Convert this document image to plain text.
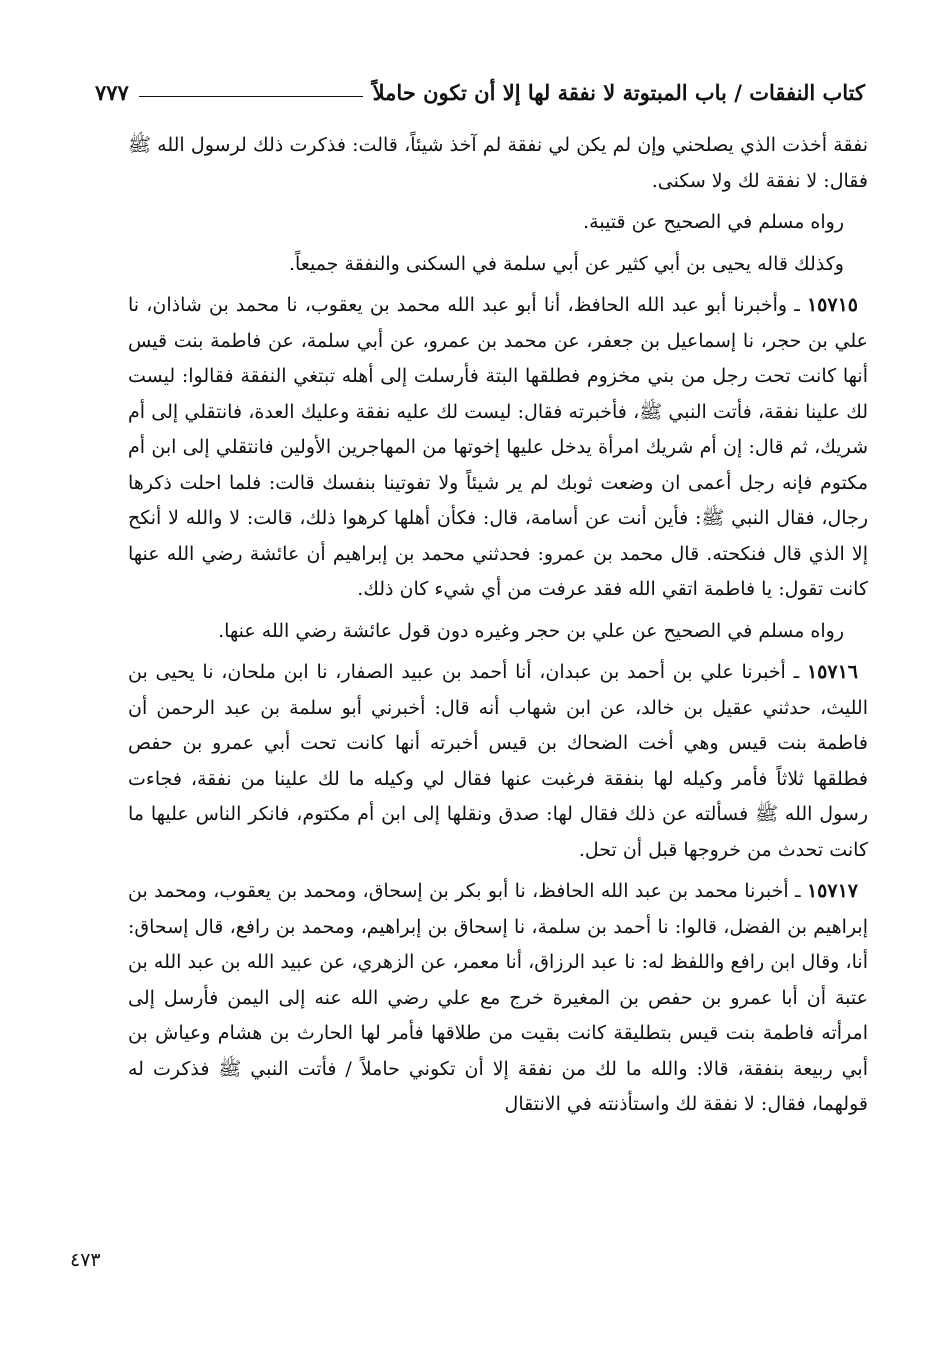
كتاب النفقات / باب المبتوتة لا نفقة لها إلا أن تكون حاملاً
٧٧٧

نفقة أخذت الذي يصلحني وإن لم يكن لي نفقة لم آخذ شيئاً، قالت: فذكرت ذلك لرسول الله ﷺ فقال: لا نفقة لك ولا سكنى.

رواه مسلم في الصحيح عن قتيبة.

وكذلك قاله يحيى بن أبي كثير عن أبي سلمة في السكنى والنفقة جميعاً.

١٥٧١٥ ـ وأخبرنا أبو عبد الله الحافظ، أنا أبو عبد الله محمد بن يعقوب، نا محمد بن شاذان، نا علي بن حجر، نا إسماعيل بن جعفر، عن محمد بن عمرو، عن أبي سلمة، عن فاطمة بنت قيس أنها كانت تحت رجل من بني مخزوم فطلقها البتة فأرسلت إلى أهله تبتغي النفقة فقالوا: ليست لك علينا نفقة، فأتت النبي ﷺ، فأخبرته فقال: ليست لك عليه نفقة وعليك العدة، فانتقلي إلى أم شريك، ثم قال: إن أم شريك امرأة يدخل عليها إخوتها من المهاجرين الأولين فانتقلي إلى ابن أم مكتوم فإنه رجل أعمى ان وضعت ثوبك لم ير شيئاً ولا تفوتينا بنفسك قالت: فلما احلت ذكرها رجال، فقال النبي ﷺ: فأين أنت عن أسامة، قال: فكأن أهلها كرهوا ذلك، قالت: لا والله لا أنكح إلا الذي قال فنكحته. قال محمد بن عمرو: فحدثني محمد بن إبراهيم أن عائشة رضي الله عنها كانت تقول: يا فاطمة اتقي الله فقد عرفت من أي شيء كان ذلك.

رواه مسلم في الصحيح عن علي بن حجر وغيره دون قول عائشة رضي الله عنها.

١٥٧١٦ ـ أخبرنا علي بن أحمد بن عبدان، أنا أحمد بن عبيد الصفار، نا ابن ملحان، نا يحيى بن الليث، حدثني عقيل بن خالد، عن ابن شهاب أنه قال: أخبرني أبو سلمة بن عبد الرحمن أن فاطمة بنت قيس وهي أخت الضحاك بن قيس أخبرته أنها كانت تحت أبي عمرو بن حفص فطلقها ثلاثاً فأمر وكيله لها بنفقة فرغبت عنها فقال لي وكيله ما لك علينا من نفقة، فجاءت رسول الله ﷺ فسألته عن ذلك فقال لها: صدق ونقلها إلى ابن أم مكتوم، فانكر الناس عليها ما كانت تحدث من خروجها قبل أن تحل.

١٥٧١٧ ـ أخبرنا محمد بن عبد الله الحافظ، نا أبو بكر بن إسحاق، ومحمد بن يعقوب، ومحمد بن إبراهيم بن الفضل، قالوا: نا أحمد بن سلمة، نا إسحاق بن إبراهيم، ومحمد بن رافع، قال إسحاق: أنا، وقال ابن رافع واللفظ له: نا عبد الرزاق، أنا معمر، عن الزهري، عن عبيد الله بن عبد الله بن عتبة أن أبا عمرو بن حفص بن المغيرة خرج مع علي رضي الله عنه إلى اليمن فأرسل إلى امرأته فاطمة بنت قيس بتطليقة كانت بقيت من طلاقها فأمر لها الحارث بن هشام وعياش بن أبي ربيعة بنفقة، قالا: والله ما لك من نفقة إلا أن تكوني حاملاً / فأتت النبي ﷺ فذكرت له قولهما، فقال: لا نفقة لك واستأذنته في الانتقال

٤٧٣
